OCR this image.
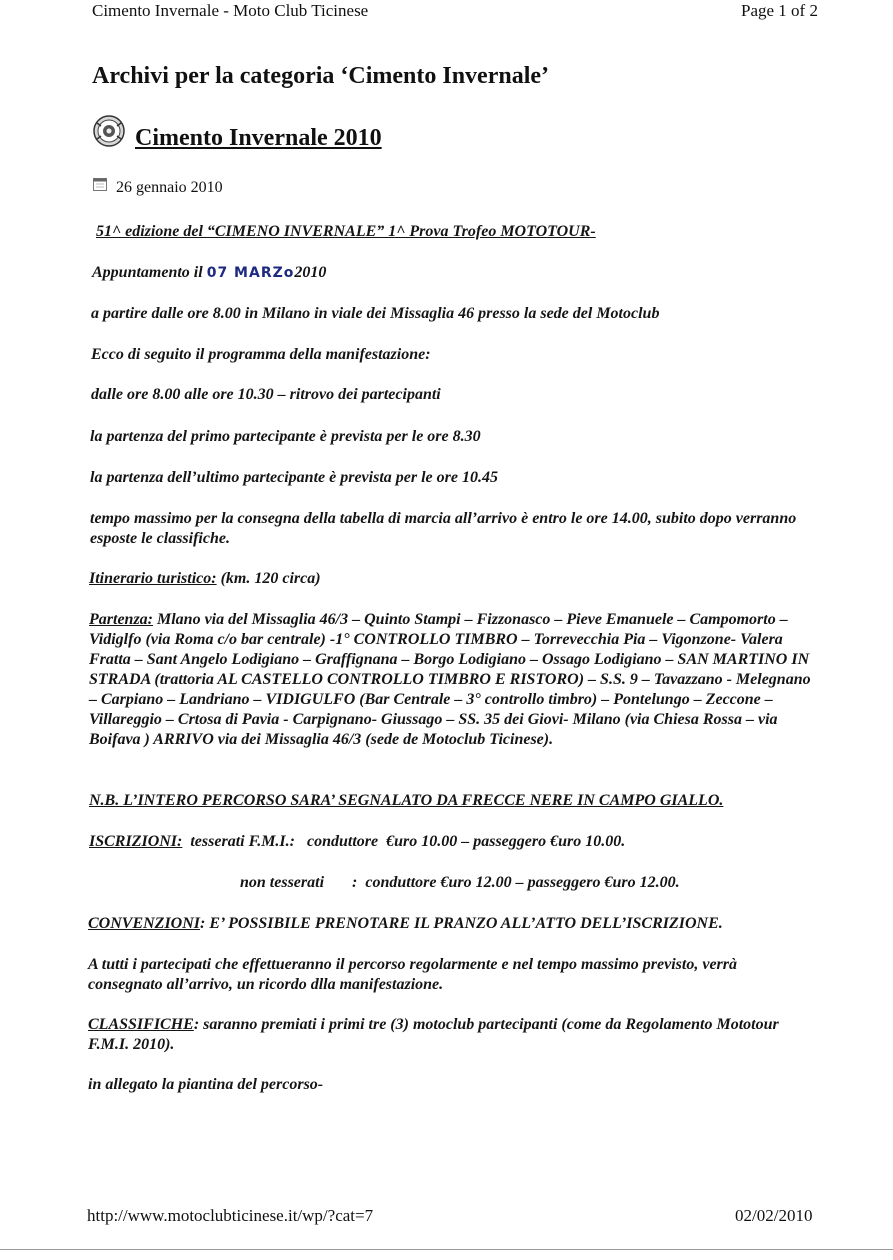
Cimento Invernale - Moto Club Ticinese	Page 1 of 2
Archivi per la categoria ‘Cimento Invernale’
Cimento Invernale 2010
26 gennaio 2010
51^ edizione del “CIMENO INVERNALE” 1^ Prova Trofeo MOTOTOUR-
Appuntamento il 07 MARZo2010
a partire dalle ore 8.00 in Milano in viale dei Missaglia 46 presso la sede del Motoclub
Ecco di seguito il programma della manifestazione:
dalle ore 8.00 alle ore 10.30 – ritrovo dei partecipanti
la partenza del primo partecipante è prevista per le ore 8.30
la partenza dell’ultimo partecipante è prevista per le ore 10.45
tempo massimo per la consegna della tabella di marcia all’arrivo è entro le ore 14.00, subito dopo verranno esposte le classifiche.
Itinerario turistico: (km. 120 circa)
Partenza: Mlano via del Missaglia 46/3 – Quinto Stampi – Fizzonasco – Pieve Emanuele – Campomorto – Vidiglfo (via Roma c/o bar centrale) -1° CONTROLLO TIMBRO – Torrevecchia Pia – Vigonzone- Valera Fratta – Sant Angelo Lodigiano – Graffignana – Borgo Lodigiano – Ossago Lodigiano – SAN MARTINO IN STRADA (trattoria AL CASTELLO CONTROLLO TIMBRO E RISTORO) – S.S. 9 – Tavazzano - Melegnano – Carpiano – Landriano – VIDIGULFO (Bar Centrale – 3° controllo timbro) – Pontelungo – Zeccone – Villareggio – Crtosa di Pavia - Carpignano- Giussago – SS. 35 dei Giovi- Milano (via Chiesa Rossa – via Boifava ) ARRIVO via dei Missaglia 46/3 (sede de Motoclub Ticinese).
N.B. L’INTERO PERCORSO SARA’ SEGNALATO DA FRECCE NERE IN CAMPO GIALLO.
ISCRIZIONI:  tesserati F.M.I.:   conduttore  €uro 10.00 – passeggero €uro 10.00.
non tesserati       :  conduttore €uro 12.00 – passeggero €uro 12.00.
CONVENZIONI: E’ POSSIBILE PRENOTARE IL PRANZO ALL’ATTO DELL’ISCRIZIONE.
A tutti i partecipati che effettueranno il percorso regolarmente e nel tempo massimo previsto, verrà consegnato all’arrivo, un ricordo dlla manifestazione.
CLASSIFICHE: saranno premiati i primi tre (3) motoclub partecipanti (come da Regolamento Mototour F.M.I. 2010).
in allegato la piantina del percorso-
http://www.motoclubticinese.it/wp/?cat=7	02/02/2010
